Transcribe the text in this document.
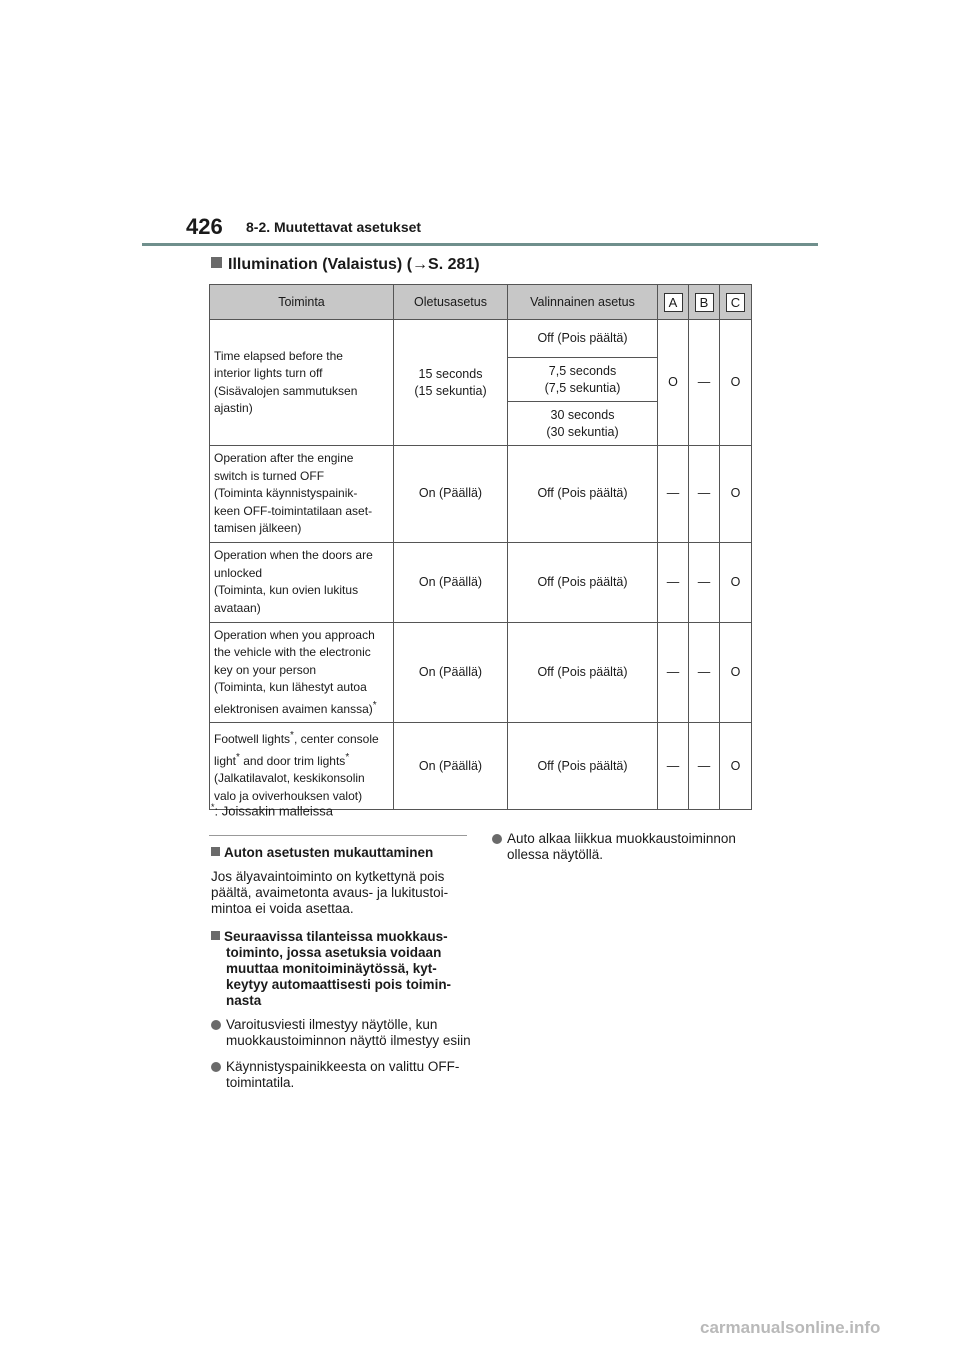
426 8-2. Muutettavat asetukset
Illumination (Valaistus) (→S. 281)
Toiminta	Oletusasetus	Valinnainen asetus	A	B	C
Time elapsed before the
interior lights turn off
(Sisävalojen sammutuksen
ajastin)	15 seconds
(15 sekuntia)	Off (Pois päältä)	O	—	O
		7,5 seconds
(7,5 sekuntia)			
		30 seconds
(30 sekuntia)			
Operation after the engine
switch is turned OFF
(Toiminta käynnistyspainik-
keen OFF-toimintatilaan aset-
tamisen jälkeen)	On (Päällä)	Off (Pois päältä)	—	—	O
Operation when the doors are
unlocked
(Toiminta, kun ovien lukitus
avataan)	On (Päällä)	Off (Pois päältä)	—	—	O
Operation when you approach
the vehicle with the electronic
key on your person
(Toiminta, kun lähestyt autoa
elektronisen avaimen kanssa)*	On (Päällä)	Off (Pois päältä)	—	—	O
Footwell lights*, center console
light* and door trim lights*
(Jalkatilavalot, keskikonsolin
valo ja oviverhouksen valot)	On (Päällä)	Off (Pois päältä)	—	—	O
*: Joissakin malleissa
Auton asetusten mukauttaminen
Jos älyavaintoiminto on kytkettynä pois päältä, avaimetonta avaus- ja lukitustoi-mintoa ei voida asettaa.
Seuraavissa tilanteissa muokkaus-toiminto, jossa asetuksia voidaan muuttaa monitoiminäytössä, kyt-keytyy automaattisesti pois toimin-nasta
Varoitusviesti ilmestyy näytölle, kun muokkaustoiminnon näyttö ilmestyy esiin
Käynnistyspainikkeesta on valittu OFF-toimintatila.
Auto alkaa liikkua muokkaustoiminnon ollessa näytöllä.
carmanualsonline.info
